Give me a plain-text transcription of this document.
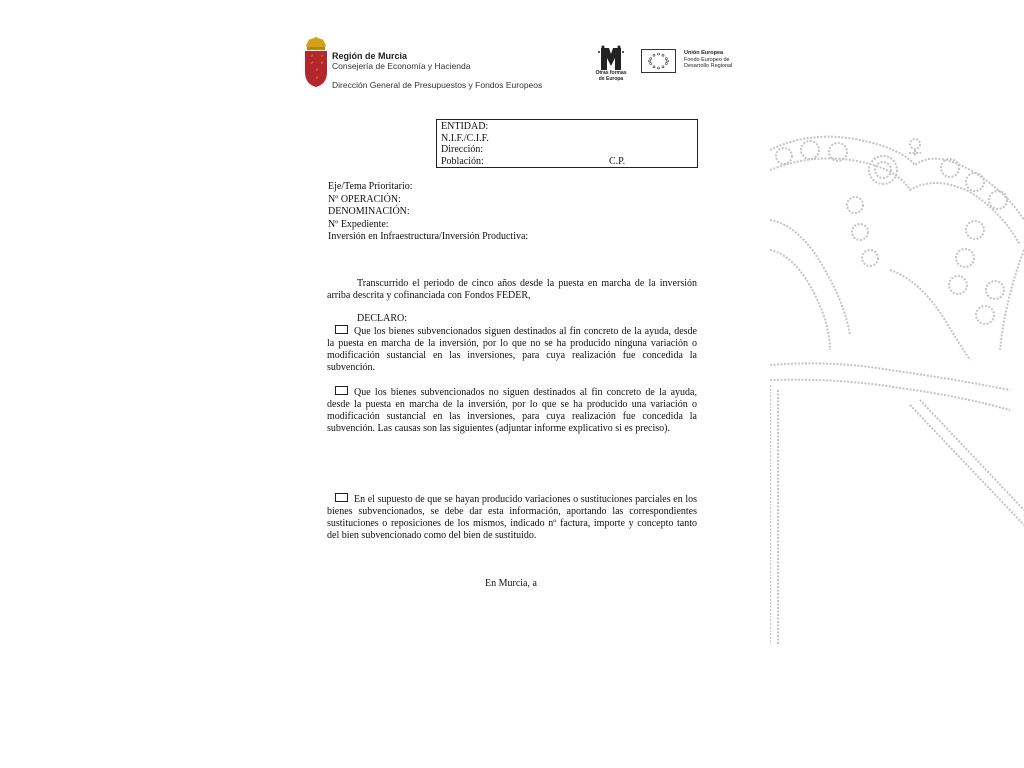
Región de Murcia
Consejería de Economía y Hacienda
Dirección General de Presupuestos y Fondos Europeos
Otras formas
de Europa
Unión Europea
Fondo Europeo de
Desarrollo Regional
ENTIDAD:
N.I.F./C.I.F.
Dirección:
Población:	C.P.
Eje/Tema Prioritario:
Nº OPERACIÓN:
DENOMINACIÓN:
Nº Expediente:
Inversión en Infraestructura/Inversión Productiva:
Transcurrido el periodo de cinco años desde la puesta en marcha de la inversión arriba descrita y cofinanciada con Fondos FEDER,
DECLARO:
Que los bienes subvencionados siguen destinados al fin concreto de la ayuda, desde la puesta en marcha de la inversión, por lo que no se ha producido ninguna variación o modificación sustancial en las inversiones, para cuya realización fue concedida la subvención.
Que los bienes subvencionados no siguen destinados al fin concreto de la ayuda, desde la puesta en marcha de la inversión, por lo que se ha producido una variación o modificación sustancial en las inversiones, para cuya realización fue concedida la subvención. Las causas son las siguientes (adjuntar informe explicativo si es preciso).
En el supuesto de que se hayan producido variaciones o sustituciones parciales en los bienes subvencionados, se debe dar esta información, aportando las correspondientes sustituciones o reposiciones de los mismos, indicado nº factura, importe y concepto tanto del bien subvencionado como del bien de sustituido.
En Murcia, a
